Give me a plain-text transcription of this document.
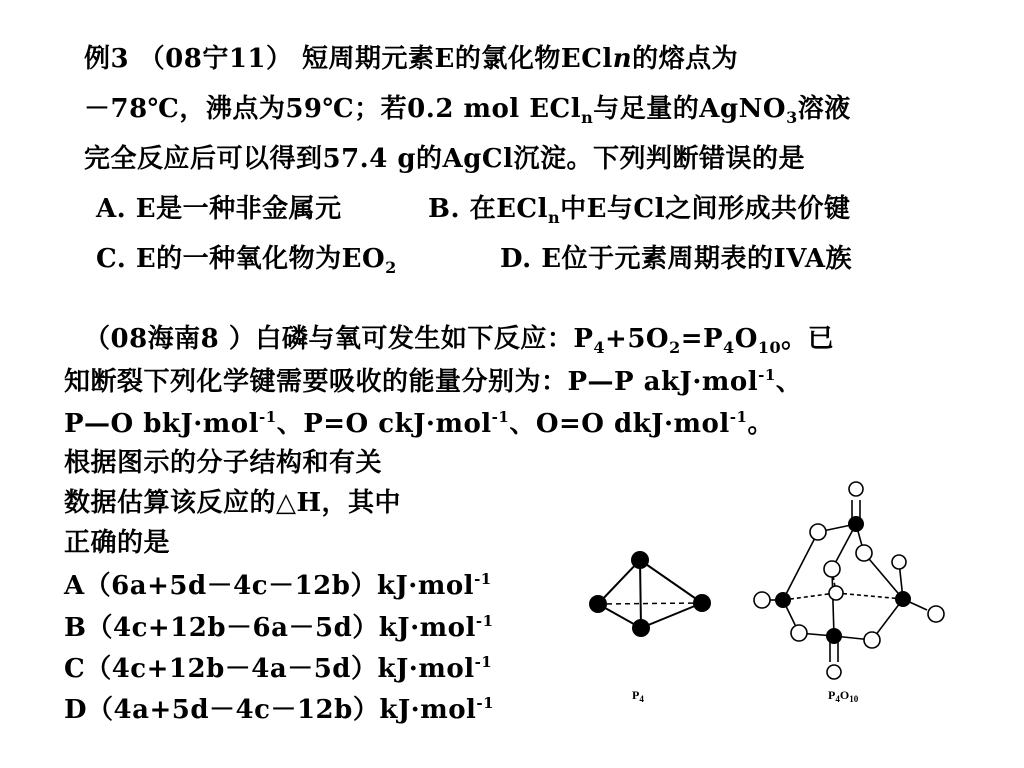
例3 （08宁11） 短周期元素E的氯化物ECln的熔点为
－78℃，沸点为59℃；若0.2 mol ECl$_n$与足量的AgNO$_3$溶液
完全反应后可以得到57.4 g的AgCl沉淀。下列判断错误的是
A. E是一种非金属元	B. 在ECl$_n$中E与Cl之间形成共价键
C. E的一种氧化物为$EO_2$	D. E位于元素周期表的IVA族
（08海南8 ）白磷与氧可发生如下反应：$P_4+5O_2=P_4O_{10}$。已
知断裂下列化学键需要吸收的能量分别为：P—P akJ·mol$^{-1}$、
P—O bkJ·mol$^{-1}$、P=O ckJ·mol$^{-1}$、O=O dkJ·mol$^{-1}$。
根据图示的分子结构和有关
数据估算该反应的△H，其中
正确的是
A（6a+5d－4c－12b）kJ·mol$^{-1}$
B（4c+12b－6a－5d）kJ·mol$^{-1}$
C（4c+12b－4a－5d）kJ·mol$^{-1}$
D（4a+5d－4c－12b）kJ·mol$^{-1}$	$P_4$	$P_4O_{10}$
